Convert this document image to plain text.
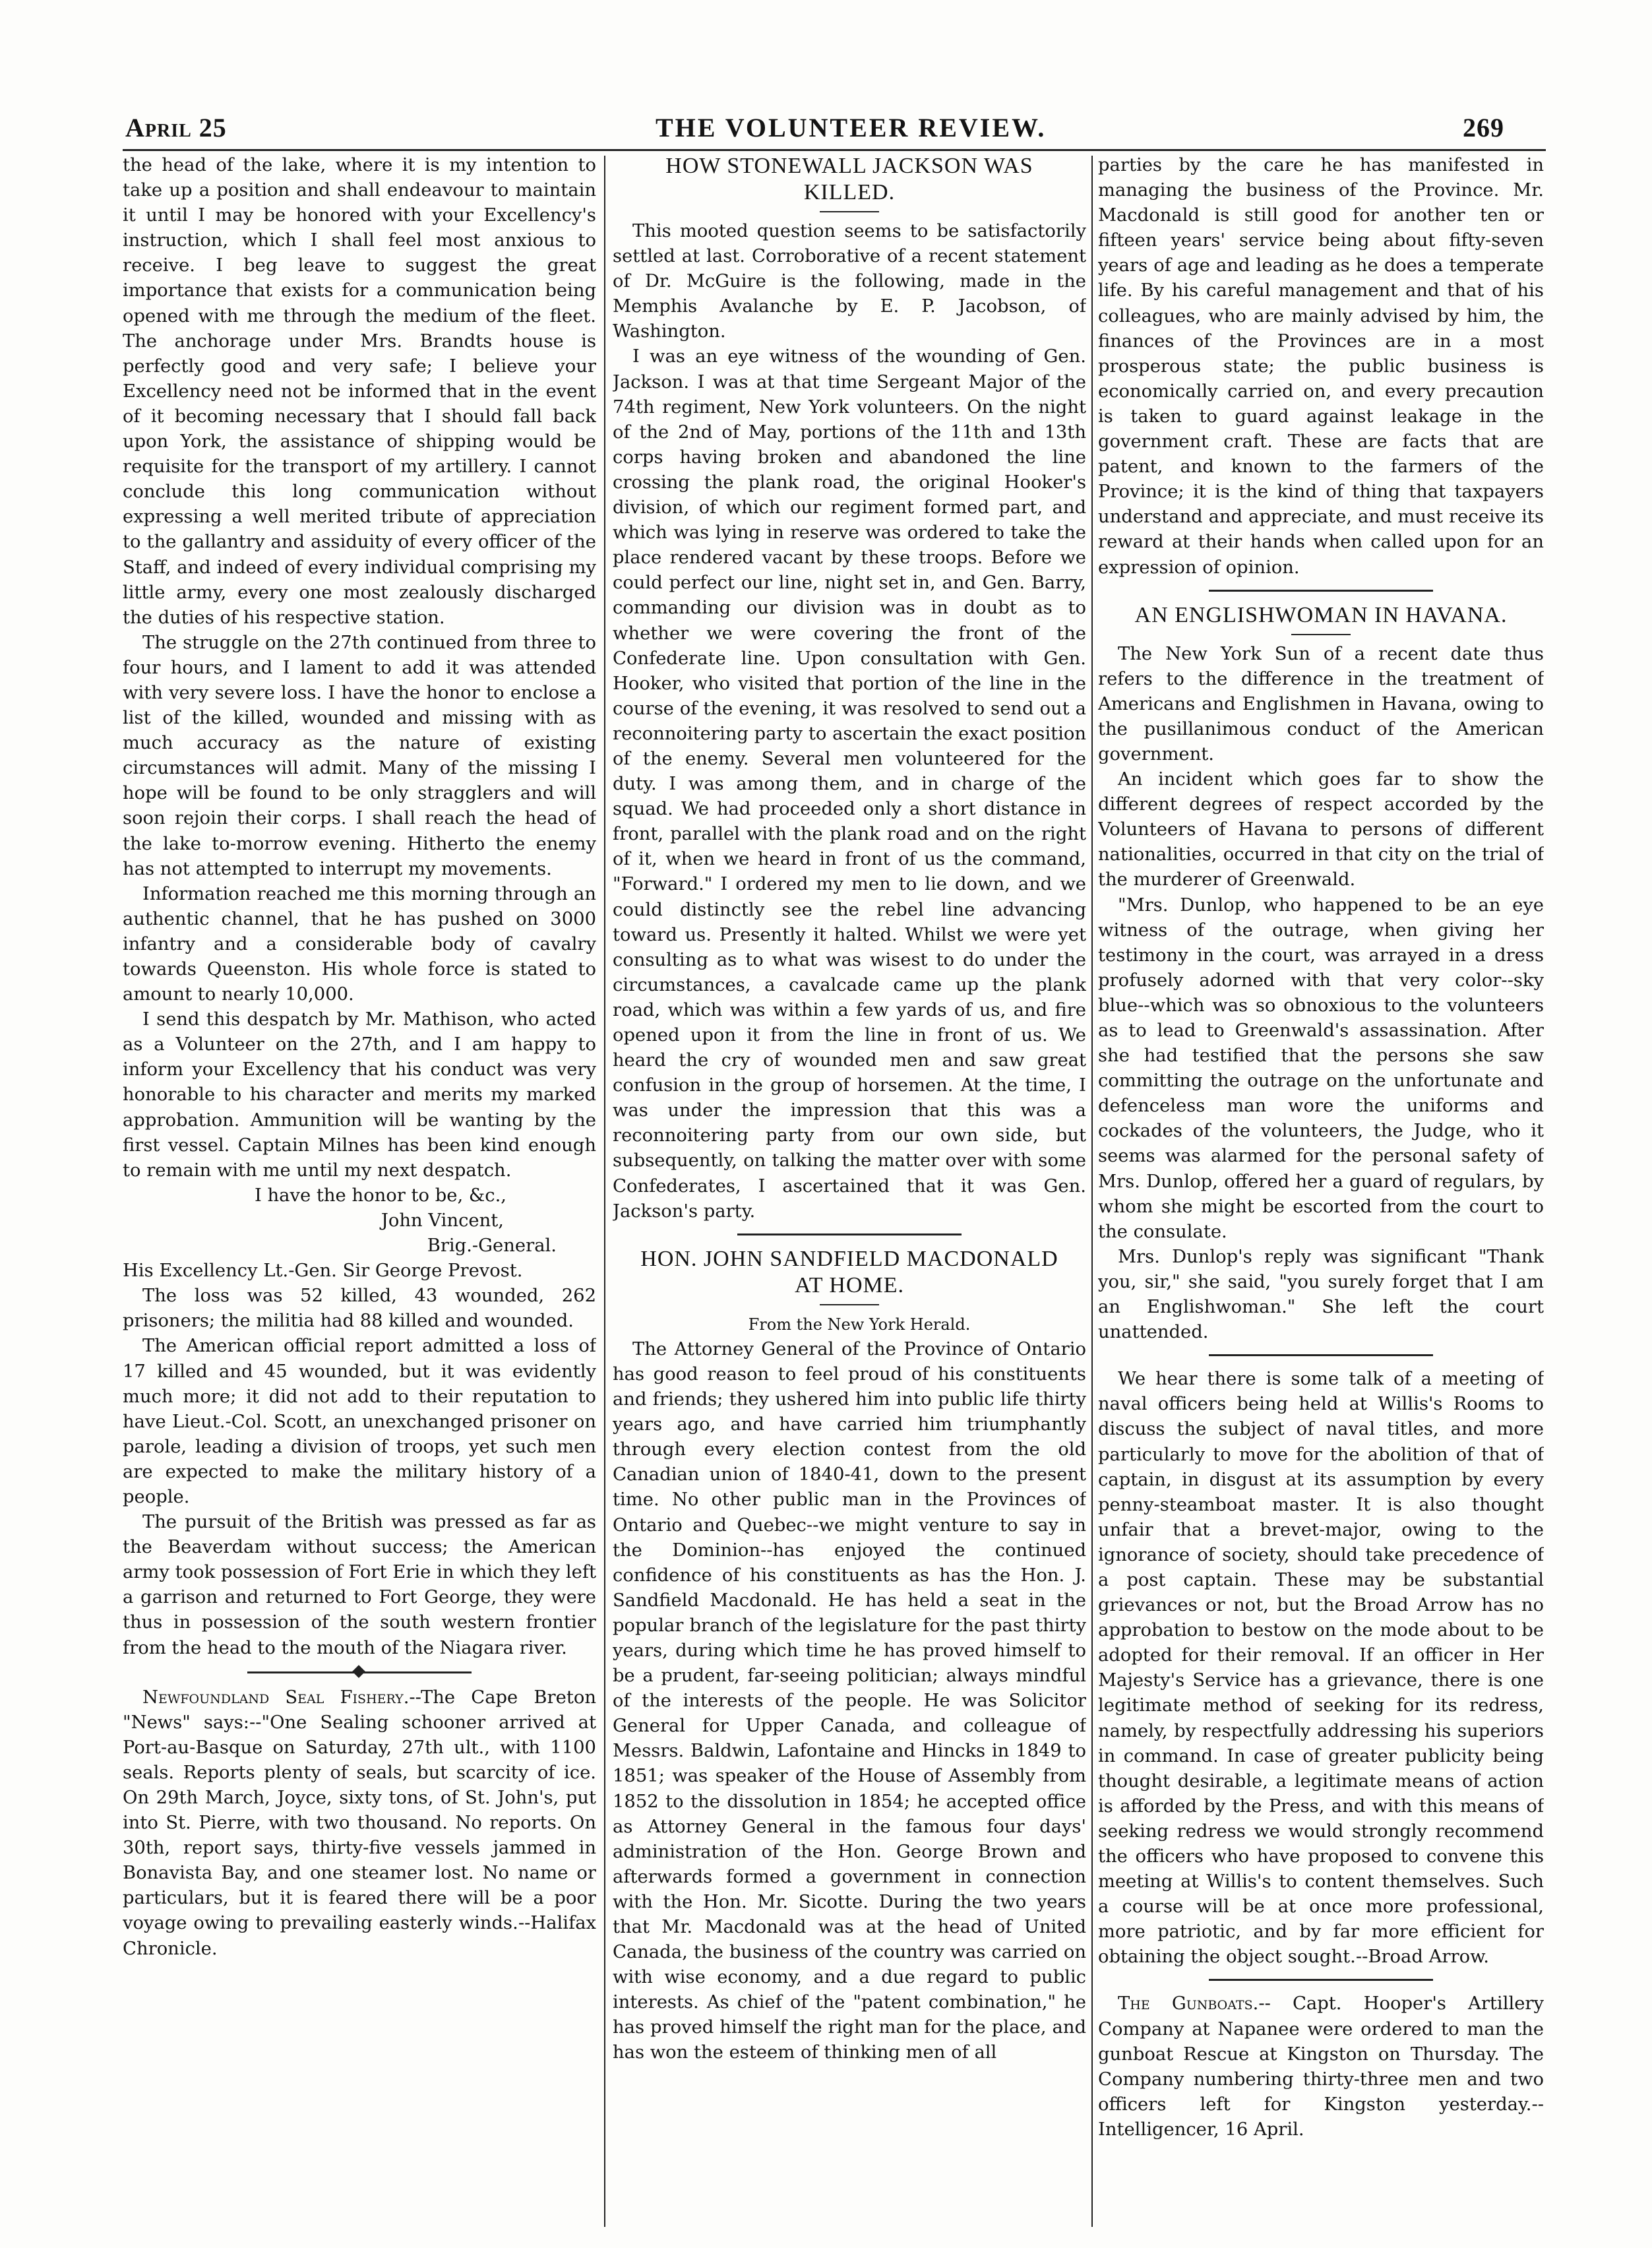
April 25	THE VOLUNTEER REVIEW.	269

the head of the lake, where it is my intention to take up a position and shall endeavour to maintain it until I may be honored with your Excellency's instruction, which I shall feel most anxious to receive. I beg leave to suggest the great importance that exists for a communication being opened with me through the medium of the fleet. The anchorage under Mrs. Brandts house is perfectly good and very safe; I believe your Excellency need not be informed that in the event of it becoming necessary that I should fall back upon York, the assistance of shipping would be requisite for the transport of my artillery. I cannot conclude this long communication without expressing a well merited tribute of appreciation to the gallantry and assiduity of every officer of the Staff, and indeed of every individual comprising my little army, every one most zealously discharged the duties of his respective station.

The struggle on the 27th continued from three to four hours, and I lament to add it was attended with very severe loss. I have the honor to enclose a list of the killed, wounded and missing with as much accuracy as the nature of existing circumstances will admit. Many of the missing I hope will be found to be only stragglers and will soon rejoin their corps. I shall reach the head of the lake to-morrow evening. Hitherto the enemy has not attempted to interrupt my movements.

Information reached me this morning through an authentic channel, that he has pushed on 3000 infantry and a considerable body of cavalry towards Queenston. His whole force is stated to amount to nearly 10,000.

I send this despatch by Mr. Mathison, who acted as a Volunteer on the 27th, and I am happy to inform your Excellency that his conduct was very honorable to his character and merits my marked approbation. Ammunition will be wanting by the first vessel. Captain Milnes has been kind enough to remain with me until my next despatch.

I have the honor to be, &c.,

John Vincent,

Brig.-General.

His Excellency Lt.-Gen. Sir George Prevost.

The loss was 52 killed, 43 wounded, 262 prisoners; the militia had 88 killed and wounded.

The American official report admitted a loss of 17 killed and 45 wounded, but it was evidently much more; it did not add to their reputation to have Lieut.-Col. Scott, an unexchanged prisoner on parole, leading a division of troops, yet such men are expected to make the military history of a people.

The pursuit of the British was pressed as far as the Beaverdam without success; the American army took possession of Fort Erie in which they left a garrison and returned to Fort George, they were thus in possession of the south western frontier from the head to the mouth of the Niagara river.

Newfoundland Seal Fishery.--The Cape Breton "News" says:--"One Sealing schooner arrived at Port-au-Basque on Saturday, 27th ult., with 1100 seals. Reports plenty of seals, but scarcity of ice. On 29th March, Joyce, sixty tons, of St. John's, put into St. Pierre, with two thousand. No reports. On 30th, report says, thirty-five vessels jammed in Bonavista Bay, and one steamer lost. No name or particulars, but it is feared there will be a poor voyage owing to prevailing easterly winds.--Halifax Chronicle.

HOW STONEWALL JACKSON WAS
KILLED.

This mooted question seems to be satisfactorily settled at last. Corroborative of a recent statement of Dr. McGuire is the following, made in the Memphis Avalanche by E. P. Jacobson, of Washington.

I was an eye witness of the wounding of Gen. Jackson. I was at that time Sergeant Major of the 74th regiment, New York volunteers. On the night of the 2nd of May, portions of the 11th and 13th corps having broken and abandoned the line crossing the plank road, the original Hooker's division, of which our regiment formed part, and which was lying in reserve was ordered to take the place rendered vacant by these troops. Before we could perfect our line, night set in, and Gen. Barry, commanding our division was in doubt as to whether we were covering the front of the Confederate line. Upon consultation with Gen. Hooker, who visited that portion of the line in the course of the evening, it was resolved to send out a reconnoitering party to ascertain the exact position of the enemy. Several men volunteered for the duty. I was among them, and in charge of the squad. We had proceeded only a short distance in front, parallel with the plank road and on the right of it, when we heard in front of us the command, "Forward." I ordered my men to lie down, and we could distinctly see the rebel line advancing toward us. Presently it halted. Whilst we were yet consulting as to what was wisest to do under the circumstances, a cavalcade came up the plank road, which was within a few yards of us, and fire opened upon it from the line in front of us. We heard the cry of wounded men and saw great confusion in the group of horsemen. At the time, I was under the impression that this was a reconnoitering party from our own side, but subsequently, on talking the matter over with some Confederates, I ascertained that it was Gen. Jackson's party.

HON. JOHN SANDFIELD MACDONALD
AT HOME.

From the New York Herald.

The Attorney General of the Province of Ontario has good reason to feel proud of his constituents and friends; they ushered him into public life thirty years ago, and have carried him triumphantly through every election contest from the old Canadian union of 1840-41, down to the present time. No other public man in the Provinces of Ontario and Quebec--we might venture to say in the Dominion--has enjoyed the continued confidence of his constituents as has the Hon. J. Sandfield Macdonald. He has held a seat in the popular branch of the legislature for the past thirty years, during which time he has proved himself to be a prudent, far-seeing politician; always mindful of the interests of the people. He was Solicitor General for Upper Canada, and colleague of Messrs. Baldwin, Lafontaine and Hincks in 1849 to 1851; was speaker of the House of Assembly from 1852 to the dissolution in 1854; he accepted office as Attorney General in the famous four days' administration of the Hon. George Brown and afterwards formed a government in connection with the Hon. Mr. Sicotte. During the two years that Mr. Macdonald was at the head of United Canada, the business of the country was carried on with wise economy, and a due regard to public interests. As chief of the "patent combination," he has proved himself the right man for the place, and has won the esteem of thinking men of all

parties by the care he has manifested in managing the business of the Province. Mr. Macdonald is still good for another ten or fifteen years' service being about fifty-seven years of age and leading as he does a temperate life. By his careful management and that of his colleagues, who are mainly advised by him, the finances of the Provinces are in a most prosperous state; the public business is economically carried on, and every precaution is taken to guard against leakage in the government craft. These are facts that are patent, and known to the farmers of the Province; it is the kind of thing that taxpayers understand and appreciate, and must receive its reward at their hands when called upon for an expression of opinion.

AN ENGLISHWOMAN IN HAVANA.

The New York Sun of a recent date thus refers to the difference in the treatment of Americans and Englishmen in Havana, owing to the pusillanimous conduct of the American government.

An incident which goes far to show the different degrees of respect accorded by the Volunteers of Havana to persons of different nationalities, occurred in that city on the trial of the murderer of Greenwald.

"Mrs. Dunlop, who happened to be an eye witness of the outrage, when giving her testimony in the court, was arrayed in a dress profusely adorned with that very color--sky blue--which was so obnoxious to the volunteers as to lead to Greenwald's assassination. After she had testified that the persons she saw committing the outrage on the unfortunate and defenceless man wore the uniforms and cockades of the volunteers, the Judge, who it seems was alarmed for the personal safety of Mrs. Dunlop, offered her a guard of regulars, by whom she might be escorted from the court to the consulate.

Mrs. Dunlop's reply was significant "Thank you, sir," she said, "you surely forget that I am an Englishwoman." She left the court unattended.

We hear there is some talk of a meeting of naval officers being held at Willis's Rooms to discuss the subject of naval titles, and more particularly to move for the abolition of that of captain, in disgust at its assumption by every penny-steamboat master. It is also thought unfair that a brevet-major, owing to the ignorance of society, should take precedence of a post captain. These may be substantial grievances or not, but the Broad Arrow has no approbation to bestow on the mode about to be adopted for their removal. If an officer in Her Majesty's Service has a grievance, there is one legitimate method of seeking for its redress, namely, by respectfully addressing his superiors in command. In case of greater publicity being thought desirable, a legitimate means of action is afforded by the Press, and with this means of seeking redress we would strongly recommend the officers who have proposed to convene this meeting at Willis's to content themselves. Such a course will be at once more professional, more patriotic, and by far more efficient for obtaining the object sought.--Broad Arrow.

The Gunboats.-- Capt. Hooper's Artillery Company at Napanee were ordered to man the gunboat Rescue at Kingston on Thursday. The Company numbering thirty-three men and two officers left for Kingston yesterday.--Intelligencer, 16 April.
